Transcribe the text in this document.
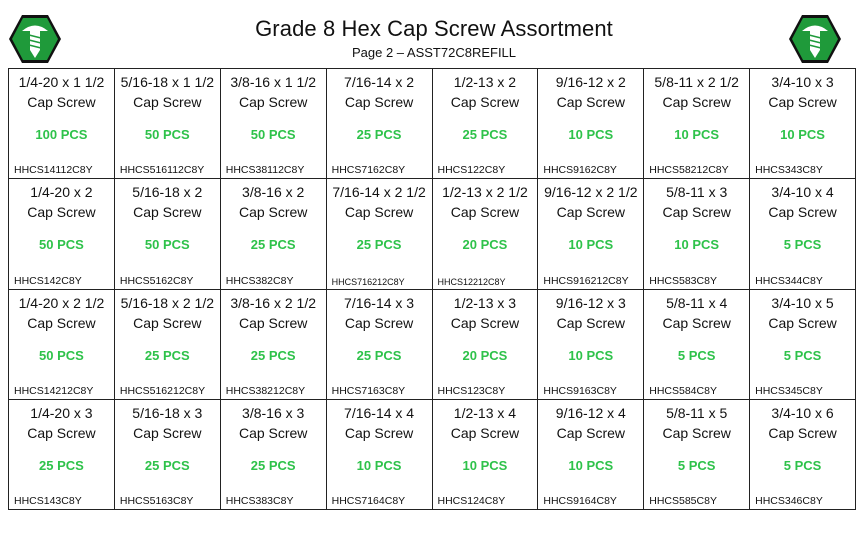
Grade 8 Hex Cap Screw Assortment
Page 2 – ASST72C8REFILL
1/4-20 x 1 1/2
Cap Screw
100 PCS
HHCS14112C8Y
5/16-18 x 1 1/2
Cap Screw
50 PCS
HHCS516112C8Y
3/8-16 x 1 1/2
Cap Screw
50 PCS
HHCS38112C8Y
7/16-14 x 2
Cap Screw
25 PCS
HHCS7162C8Y
1/2-13 x 2
Cap Screw
25 PCS
HHCS122C8Y
9/16-12 x 2
Cap Screw
10 PCS
HHCS9162C8Y
5/8-11 x 2 1/2
Cap Screw
10 PCS
HHCS58212C8Y
3/4-10 x 3
Cap Screw
10 PCS
HHCS343C8Y
1/4-20 x 2
Cap Screw
50 PCS
HHCS142C8Y
5/16-18 x 2
Cap Screw
50 PCS
HHCS5162C8Y
3/8-16 x 2
Cap Screw
25 PCS
HHCS382C8Y
7/16-14 x 2 1/2
Cap Screw
25 PCS
HHCS716212C8Y
1/2-13 x 2 1/2
Cap Screw
20 PCS
HHCS12212C8Y
9/16-12 x 2 1/2
Cap Screw
10 PCS
HHCS916212C8Y
5/8-11 x 3
Cap Screw
10 PCS
HHCS583C8Y
3/4-10 x 4
Cap Screw
5 PCS
HHCS344C8Y
1/4-20 x 2 1/2
Cap Screw
50 PCS
HHCS14212C8Y
5/16-18 x 2 1/2
Cap Screw
25 PCS
HHCS516212C8Y
3/8-16 x 2 1/2
Cap Screw
25 PCS
HHCS38212C8Y
7/16-14 x 3
Cap Screw
25 PCS
HHCS7163C8Y
1/2-13 x 3
Cap Screw
20 PCS
HHCS123C8Y
9/16-12 x 3
Cap Screw
10 PCS
HHCS9163C8Y
5/8-11 x 4
Cap Screw
5 PCS
HHCS584C8Y
3/4-10 x 5
Cap Screw
5 PCS
HHCS345C8Y
1/4-20 x 3
Cap Screw
25 PCS
HHCS143C8Y
5/16-18 x 3
Cap Screw
25 PCS
HHCS5163C8Y
3/8-16 x 3
Cap Screw
25 PCS
HHCS383C8Y
7/16-14 x 4
Cap Screw
10 PCS
HHCS7164C8Y
1/2-13 x 4
Cap Screw
10 PCS
HHCS124C8Y
9/16-12 x 4
Cap Screw
10 PCS
HHCS9164C8Y
5/8-11 x 5
Cap Screw
5 PCS
HHCS585C8Y
3/4-10 x 6
Cap Screw
5 PCS
HHCS346C8Y
